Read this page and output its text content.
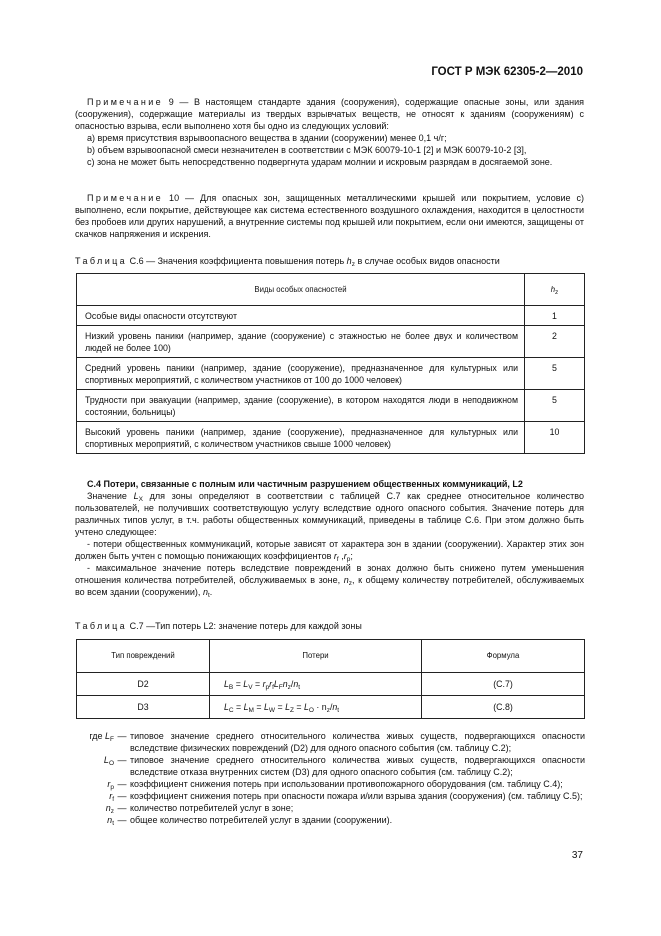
ГОСТ Р МЭК 62305-2—2010

Примечание 9 — В настоящем стандарте здания (сооружения), содержащие опасные зоны, или здания (сооружения), содержащие материалы из твердых взрывчатых веществ, не относят к зданиям (сооружениям) с опасностью взрыва, если выполнено хотя бы одно из следующих условий:

а) время присутствия взрывоопасного вещества в здании (сооружении) менее 0,1 ч/г;

b) объем взрывоопасной смеси незначителен в соответствии с МЭК 60079-10-1 [2] и МЭК 60079-10-2 [3],

с) зона не может быть непосредственно подвергнута ударам молнии и искровым разрядам в досягаемой зоне.

Примечание 10 — Для опасных зон, защищенных металлическими крышей или покрытием, условие с) выполнено, если покрытие, действующее как система естественного воздушного охлаждения, находится в целостности без пробоев или других нарушений, а внутренние системы под крышей или покрытием, если они имеются, защищены от скачков напряжения и искрения.

Таблица С.6 — Значения коэффициента повышения потерь $h_z$ в случае особых видов опасности
Виды особых опасностей	$h_z$
Особые виды опасности отсутствуют	1
Низкий уровень паники (например, здание (сооружение) с этажностью не более двух и количеством людей не более 100)	2
Средний уровень паники (например, здание (сооружение), предназначенное для культурных или спортивных мероприятий, с количеством участников от 100 до 1000 человек)	5
Трудности при эвакуации (например, здание (сооружение), в котором находятся люди в неподвижном состоянии, больницы)	5
Высокий уровень паники (например, здание (сооружение), предназначенное для культурных или спортивных мероприятий, с количеством участников свыше 1000 человек)	10

С.4 Потери, связанные с полным или частичным разрушением общественных коммуникаций, L2

Значение $L_X$ для зоны определяют в соответствии с таблицей С.7 как среднее относительное количество пользователей, не получивших соответствующую услугу вследствие одного опасного события. Значение потерь для различных типов услуг, в т.ч. работы общественных коммуникаций, приведены в таблице С.6. При этом должно быть учтено следующее:

- потери общественных коммуникаций, которые зависят от характера зон в здании (сооружении). Характер этих зон должен быть учтен с помощью понижающих коэффициентов $r_f$ $,r_p$;

- максимальное значение потерь вследствие повреждений в зонах должно быть снижено путем уменьшения отношения количества потребителей, обслуживаемых в зоне, $n_z$, к общему количеству потребителей, обслуживаемых во всем здании (сооружении), $n_t$.

Таблица С.7 —Тип потерь L2: значение потерь для каждой зоны
Тип повреждений	Потери	Формула
D2	$L_B = L_V = r_pr_fL_Fn_z/n_t$	(С.7)
D3	$L_C = L_M = L_W = L_Z = L_O \cdot n_z/n_t$	(С.8)
где $L_F$ — типовое значение среднего относительного количества живых существ, подвергающихся опасности вследствие физических повреждений (D2) для одного опасного события (см. таблицу С.2);
$L_O$ — типовое значение среднего относительного количества живых существ, подвергающихся опасности вследствие отказа внутренних систем (D3) для одного опасного события (см. таблицу С.2);
$r_p$ — коэффициент снижения потерь при использовании противопожарного оборудования (см. таблицу С.4);
$r_f$ — коэффициент снижения потерь при опасности пожара и/или взрыва здания (сооружения) (см. таблицу С.5);
$n_z$ — количество потребителей услуг в зоне;
$n_t$ — общее количество потребителей услуг в здании (сооружении).
37
